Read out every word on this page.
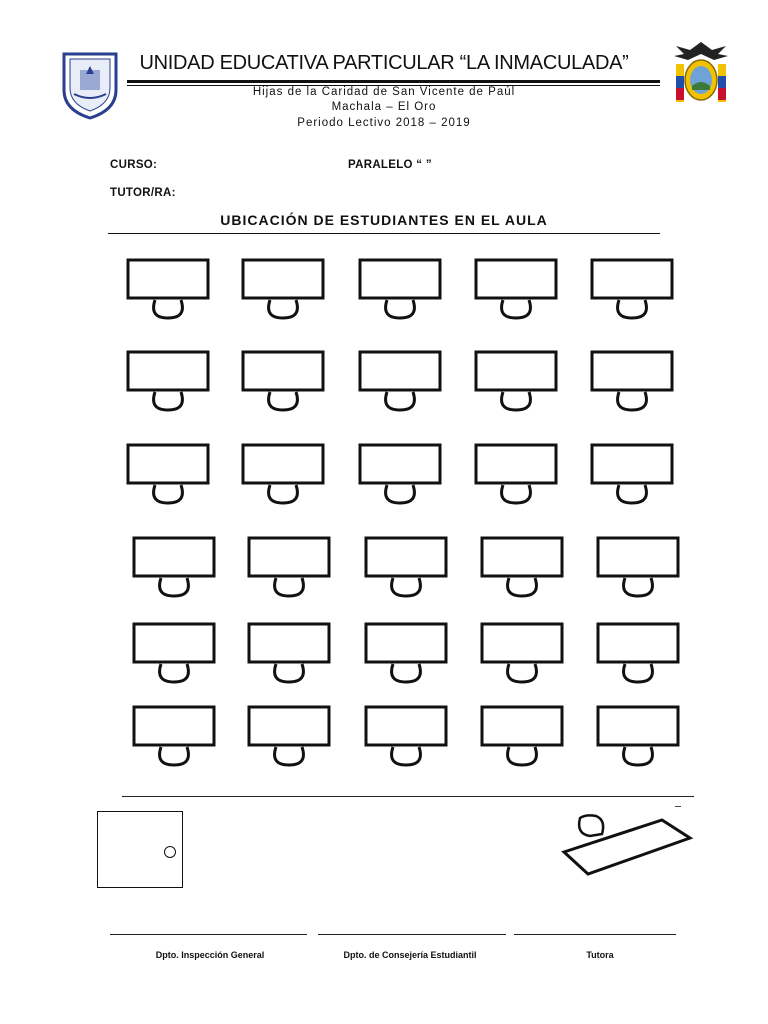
UNIDAD EDUCATIVA PARTICULAR “LA INMACULADA”
Hijas de la Caridad de San Vicente de Paúl
Machala – El Oro
Periodo Lectivo 2018 – 2019
CURSO:	PARALELO “ ”
TUTOR/RA:
UBICACIÓN DE ESTUDIANTES EN EL AULA
Dpto. Inspección General	Dpto. de Consejería Estudiantil	Tutora
